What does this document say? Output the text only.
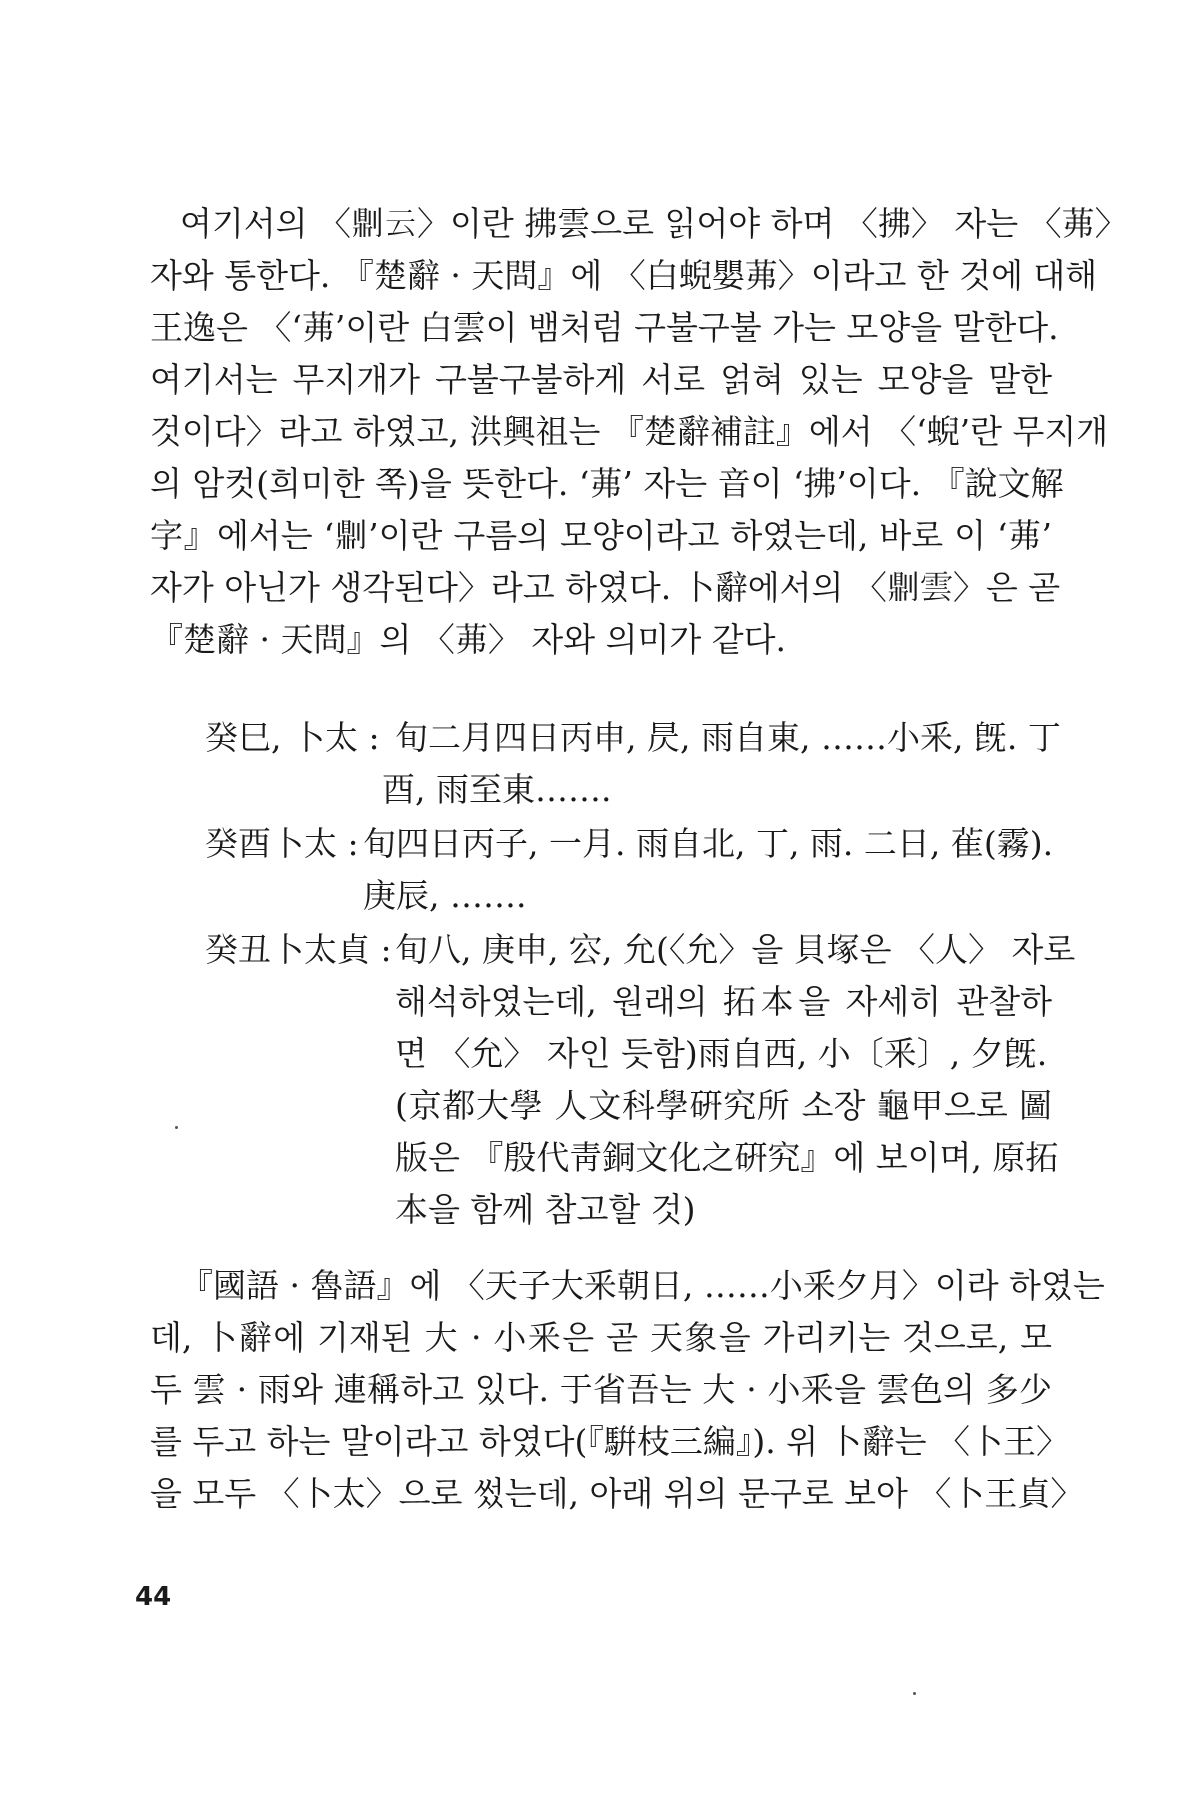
여기서의 〈𠟭云〉이란 拂雲으로 읽어야 하며 〈拂〉 자는 〈茀〉
자와 통한다. 『楚辭 · 天問』에 〈白蜺嬰茀〉이라고 한 것에 대해
王逸은 〈‘茀’이란 白雲이 뱀처럼 구불구불 가는 모양을 말한다.
여기서는 무지개가 구불구불하게 서로 얽혀 있는 모양을 말한
것이다〉라고 하였고, 洪興祖는 『楚辭補註』에서 〈‘蜺’란 무지개
의 암컷(희미한 쪽)을 뜻한다. ‘茀’ 자는 音이 ‘拂’이다. 『說文解
字』에서는 ‘𠟭’이란 구름의 모양이라고 하였는데, 바로 이 ‘茀’
자가 아닌가 생각된다〉라고 하였다. 卜辭에서의 〈𠟭雲〉은 곧
『楚辭 · 天問』의 〈茀〉 자와 의미가 같다.
癸巳, 卜太 : 旬二月四日丙申, 昃, 雨自東, ……小釆, 旣. 丁
酉, 雨至東…….
癸酉卜太 : 旬四日丙子, 一月. 雨自北, 丁, 雨. 二日, 雈(霧).
庚辰, …….
癸丑卜太貞 : 旬八, 庚申, 㝐, 允(〈允〉을 貝塚은 〈人〉 자로
해석하였는데, 원래의 拓本을 자세히 관찰하
면 〈允〉 자인 듯함)雨自西, 小〔釆〕, 夕旣.
(京都大學 人文科學硏究所 소장 龜甲으로 圖
版은 『殷代靑銅文化之硏究』에 보이며, 原拓
本을 함께 참고할 것)
『國語 · 魯語』에 〈天子大釆朝日, ……小釆夕月〉이라 하였는
데, 卜辭에 기재된 大 · 小釆은 곧 天象을 가리키는 것으로, 모
두 雲 · 雨와 連稱하고 있다. 于省吾는 大 · 小釆을 雲色의 多少
를 두고 하는 말이라고 하였다(『騈枝三編』). 위 卜辭는 〈卜王〉
을 모두 〈卜太〉으로 썼는데, 아래 위의 문구로 보아 〈卜王貞〉
44
